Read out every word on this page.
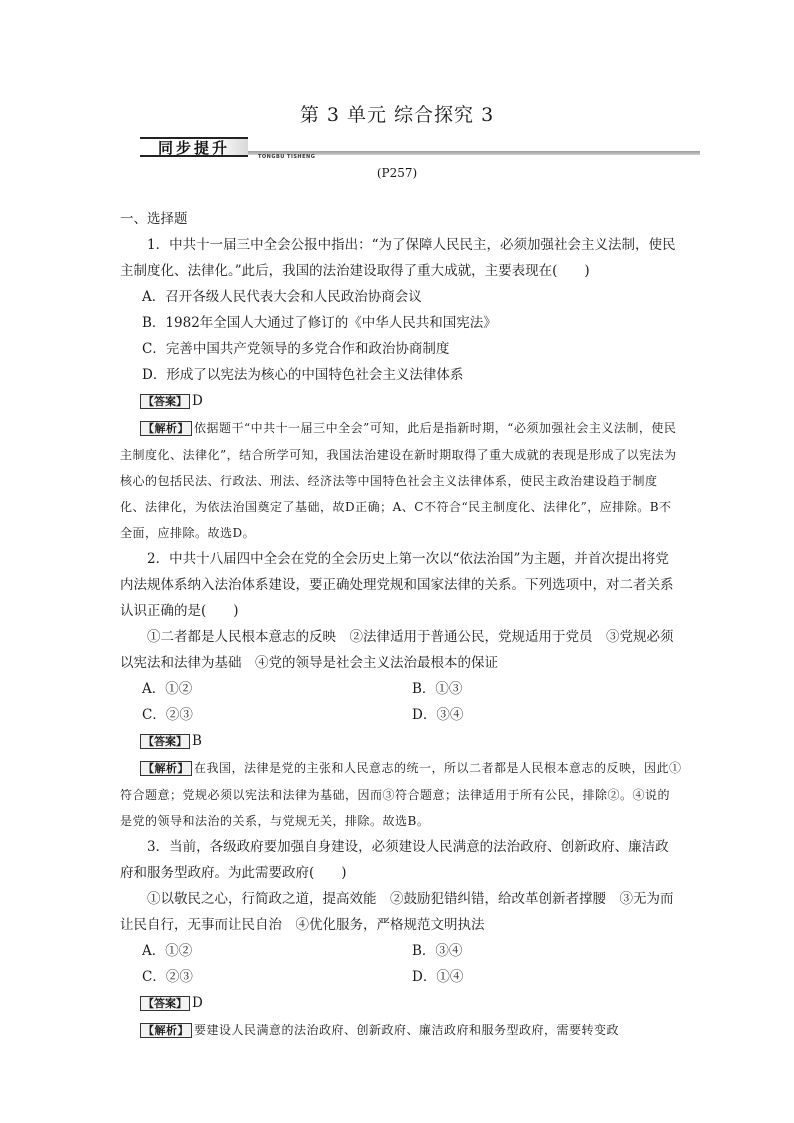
第 3 单元 综合探究 3
同步提升
TONGBU TISHENG
(P257)
一、选择题

1．中共十一届三中全会公报中指出：“为了保障人民民主，必须加强社会主义法制，使民主制度化、法律化。”此后，我国的法治建设取得了重大成就，主要表现在(　　)

A．召开各级人民代表大会和人民政治协商会议

B．1982年全国人大通过了修订的《中华人民共和国宪法》

C．完善中国共产党领导的多党合作和政治协商制度

D．形成了以宪法为核心的中国特色社会主义法律体系

【答案】 D

【解析】 依据题干“中共十一届三中全会”可知，此后是指新时期，“必须加强社会主义法制，使民主制度化、法律化”，结合所学可知，我国法治建设在新时期取得了重大成就的表现是形成了以宪法为核心的包括民法、行政法、刑法、经济法等中国特色社会主义法律体系，使民主政治建设趋于制度化、法律化，为依法治国奠定了基础，故D正确；A、C不符合“民主制度化、法律化”，应排除。B不全面，应排除。故选D。

2．中共十八届四中全会在党的全会历史上第一次以“依法治国”为主题，并首次提出将党内法规体系纳入法治体系建设，要正确处理党规和国家法律的关系。下列选项中，对二者关系认识正确的是(　　)

①二者都是人民根本意志的反映　②法律适用于普通公民，党规适用于党员　③党规必须以宪法和法律为基础　④党的领导是社会主义法治最根本的保证

A．①②	B．①③
C．②③	D．③④
【答案】 B

【解析】 在我国，法律是党的主张和人民意志的统一，所以二者都是人民根本意志的反映，因此①符合题意；党规必须以宪法和法律为基础，因而③符合题意；法律适用于所有公民，排除②。④说的是党的领导和法治的关系，与党规无关，排除。故选B。

3．当前，各级政府要加强自身建设，必须建设人民满意的法治政府、创新政府、廉洁政府和服务型政府。为此需要政府(　　)

①以敬民之心，行简政之道，提高效能　②鼓励犯错纠错，给改革创新者撑腰　③无为而让民自行，无事而让民自治　④优化服务，严格规范文明执法

A．①②	B．③④
C．②③	D．①④
【答案】 D

【解析】 要建设人民满意的法治政府、创新政府、廉洁政府和服务型政府，需要转变政
